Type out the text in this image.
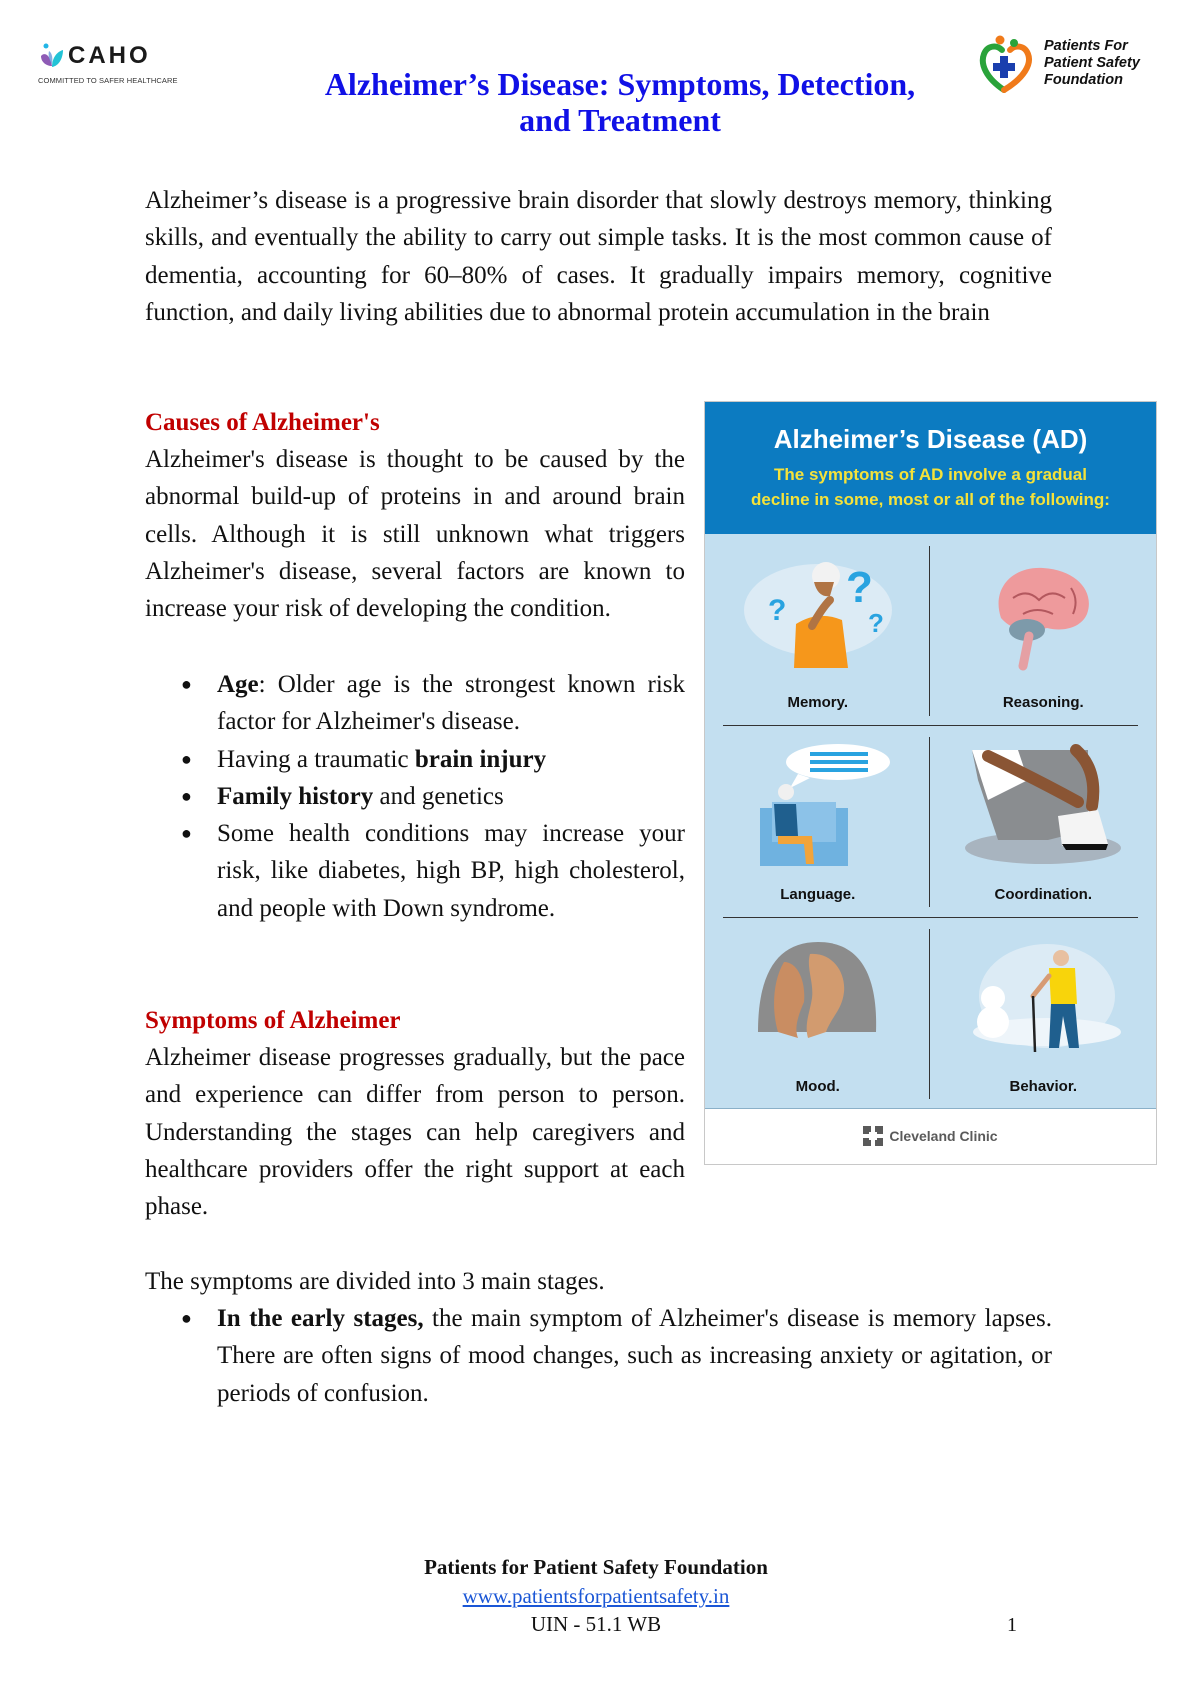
CAHO
COMMITTED TO SAFER HEALTHCARE
Patients For
Patient Safety
Foundation
Alzheimer’s Disease: Symptoms, Detection,
and Treatment

Alzheimer’s disease is a progressive brain disorder that slowly destroys memory, thinking skills, and eventually the ability to carry out simple tasks. It is the most common cause of dementia, accounting for 60–80% of cases. It gradually impairs memory, cognitive function, and daily living abilities due to abnormal protein accumulation in the brain

Causes of Alzheimer's

Alzheimer's disease is thought to be caused by the abnormal build-up of proteins in and around brain cells. Although it is still unknown what triggers Alzheimer's disease, several factors are known to increase your risk of developing the condition.

● Age: Older age is the strongest known risk factor for Alzheimer's disease.
● Having a traumatic brain injury
● Family history and genetics
● Some health conditions may increase your risk, like diabetes, high BP, high cholesterol, and people with Down syndrome.
Symptoms of Alzheimer

Alzheimer disease progresses gradually, but the pace and experience can differ from person to person. Understanding the stages can help caregivers and healthcare providers offer the right support at each phase.

The symptoms are divided into 3 main stages.

● In the early stages, the main symptom of Alzheimer's disease is memory lapses. There are often signs of mood changes, such as increasing anxiety or agitation, or periods of confusion.
Alzheimer’s Disease (AD)
The symptoms of AD involve a gradual
decline in some, most or all of the following:
? ?
?
Memory.	Reasoning.
Language.	Coordination.
Mood.	Behavior.
Cleveland Clinic
Patients for Patient Safety Foundation
www.patientsforpatientsafety.in
UIN - 51.1 WB	1
